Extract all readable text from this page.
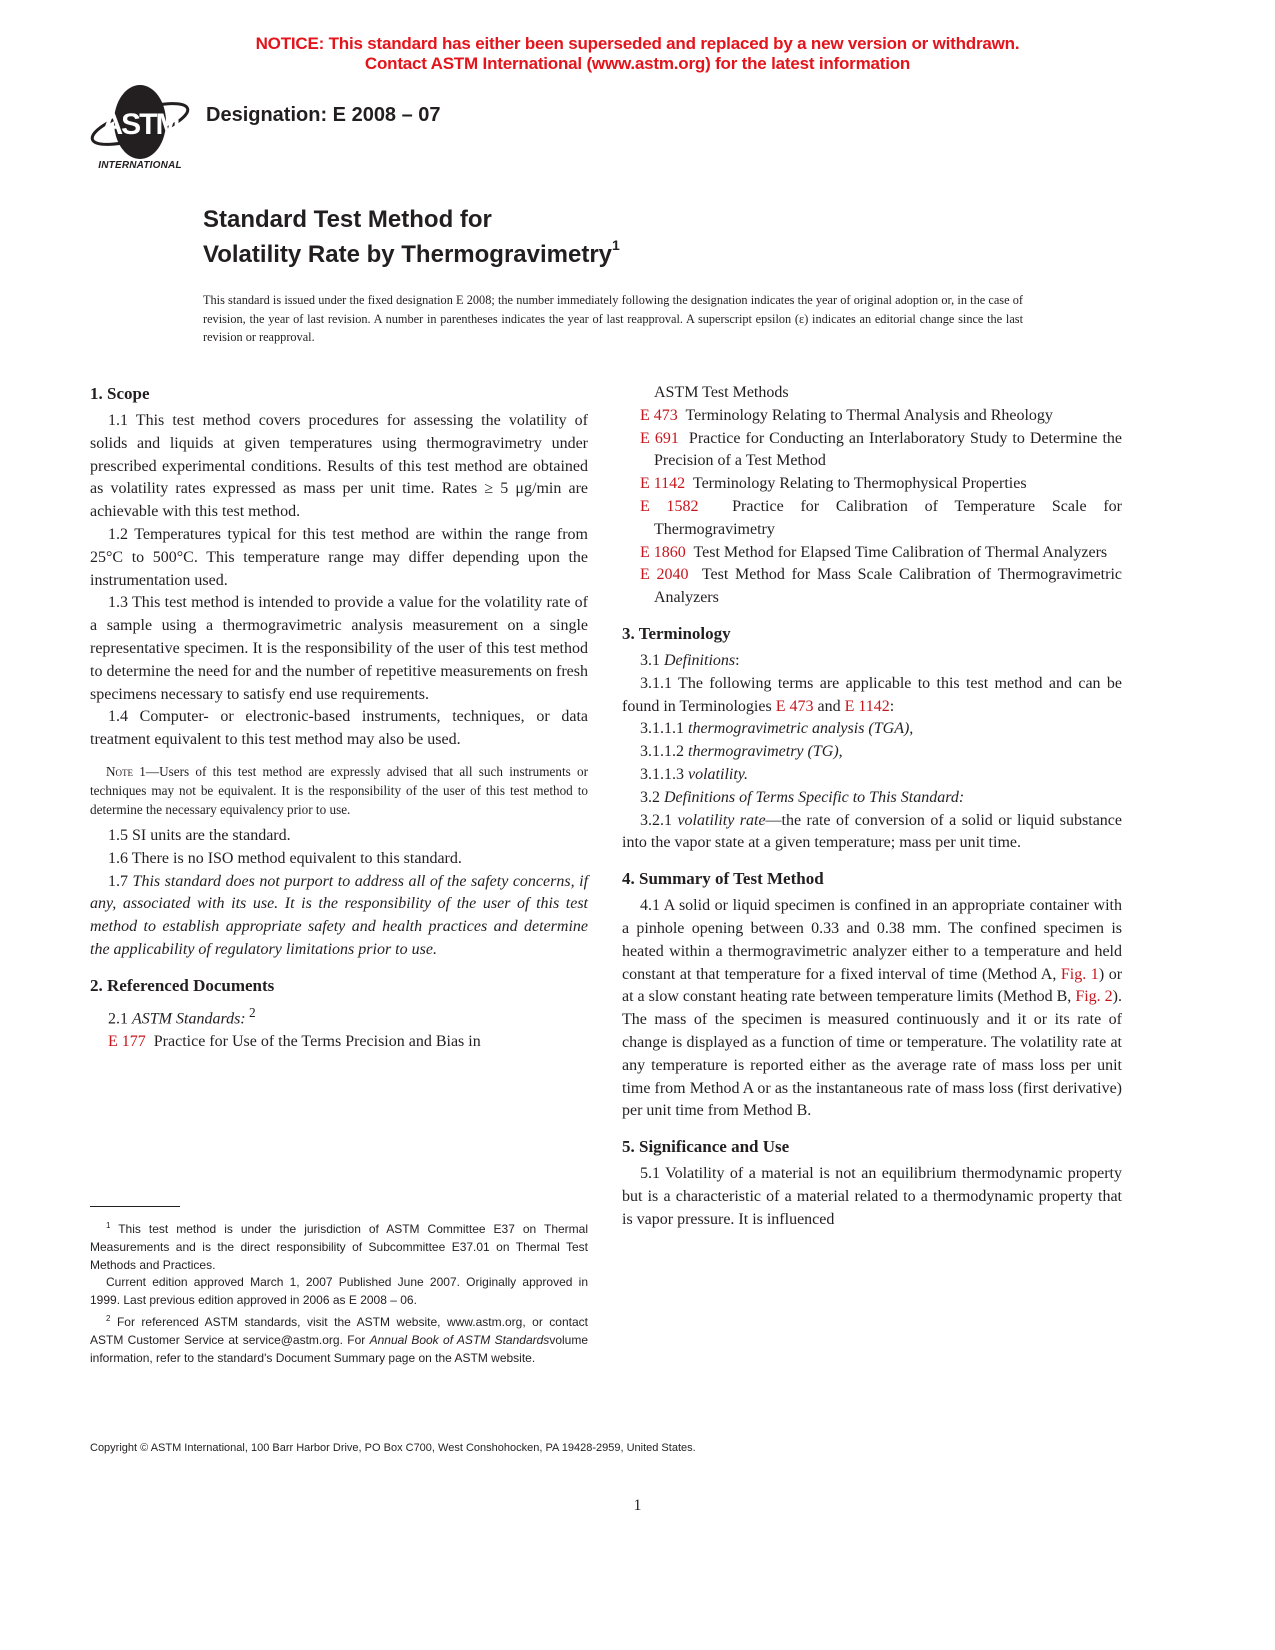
NOTICE: This standard has either been superseded and replaced by a new version or withdrawn.
Contact ASTM International (www.astm.org) for the latest information
ASTM
INTERNATIONAL
Designation: E 2008 – 07
Standard Test Method for
Volatility Rate by Thermogravimetry$^1$
This standard is issued under the fixed designation E 2008; the number immediately following the designation indicates the year of original adoption or, in the case of revision, the year of last revision. A number in parentheses indicates the year of last reapproval. A superscript epsilon (ε) indicates an editorial change since the last revision or reapproval.
1. Scope

1.1 This test method covers procedures for assessing the volatility of solids and liquids at given temperatures using thermogravimetry under prescribed experimental conditions. Results of this test method are obtained as volatility rates expressed as mass per unit time. Rates ≥ 5 μg/min are achievable with this test method.

1.2 Temperatures typical for this test method are within the range from 25°C to 500°C. This temperature range may differ depending upon the instrumentation used.

1.3 This test method is intended to provide a value for the volatility rate of a sample using a thermogravimetric analysis measurement on a single representative specimen. It is the responsibility of the user of this test method to determine the need for and the number of repetitive measurements on fresh specimens necessary to satisfy end use requirements.

1.4 Computer- or electronic-based instruments, techniques, or data treatment equivalent to this test method may also be used.

Note 1—Users of this test method are expressly advised that all such instruments or techniques may not be equivalent. It is the responsibility of the user of this test method to determine the necessary equivalency prior to use.

1.5 SI units are the standard.

1.6 There is no ISO method equivalent to this standard.

1.7 This standard does not purport to address all of the safety concerns, if any, associated with its use. It is the responsibility of the user of this test method to establish appropriate safety and health practices and determine the applicability of regulatory limitations prior to use.

2. Referenced Documents

2.1 ASTM Standards: $^2$

E 177 Practice for Use of the Terms Precision and Bias in

ASTM Test Methods

E 473 Terminology Relating to Thermal Analysis and Rheology

E 691 Practice for Conducting an Interlaboratory Study to Determine the Precision of a Test Method

E 1142 Terminology Relating to Thermophysical Properties

E 1582 Practice for Calibration of Temperature Scale for Thermogravimetry

E 1860 Test Method for Elapsed Time Calibration of Thermal Analyzers

E 2040 Test Method for Mass Scale Calibration of Thermogravimetric Analyzers

3. Terminology

3.1 Definitions:

3.1.1 The following terms are applicable to this test method and can be found in Terminologies E 473 and E 1142:

3.1.1.1 thermogravimetric analysis (TGA),

3.1.1.2 thermogravimetry (TG),

3.1.1.3 volatility.

3.2 Definitions of Terms Specific to This Standard:

3.2.1 volatility rate—the rate of conversion of a solid or liquid substance into the vapor state at a given temperature; mass per unit time.

4. Summary of Test Method

4.1 A solid or liquid specimen is confined in an appropriate container with a pinhole opening between 0.33 and 0.38 mm. The confined specimen is heated within a thermogravimetric analyzer either to a temperature and held constant at that temperature for a fixed interval of time (Method A, Fig. 1) or at a slow constant heating rate between temperature limits (Method B, Fig. 2). The mass of the specimen is measured continuously and it or its rate of change is displayed as a function of time or temperature. The volatility rate at any temperature is reported either as the average rate of mass loss per unit time from Method A or as the instantaneous rate of mass loss (first derivative) per unit time from Method B.

5. Significance and Use

5.1 Volatility of a material is not an equilibrium thermodynamic property but is a characteristic of a material related to a thermodynamic property that is vapor pressure. It is influenced

$^1$ This test method is under the jurisdiction of ASTM Committee E37 on Thermal Measurements and is the direct responsibility of Subcommittee E37.01 on Thermal Test Methods and Practices.

Current edition approved March 1, 2007 Published June 2007. Originally approved in 1999. Last previous edition approved in 2006 as E 2008 – 06.

$^2$ For referenced ASTM standards, visit the ASTM website, www.astm.org, or contact ASTM Customer Service at service@astm.org. For Annual Book of ASTM Standardsvolume information, refer to the standard's Document Summary page on the ASTM website.

Copyright © ASTM International, 100 Barr Harbor Drive, PO Box C700, West Conshohocken, PA 19428-2959, United States.
1
